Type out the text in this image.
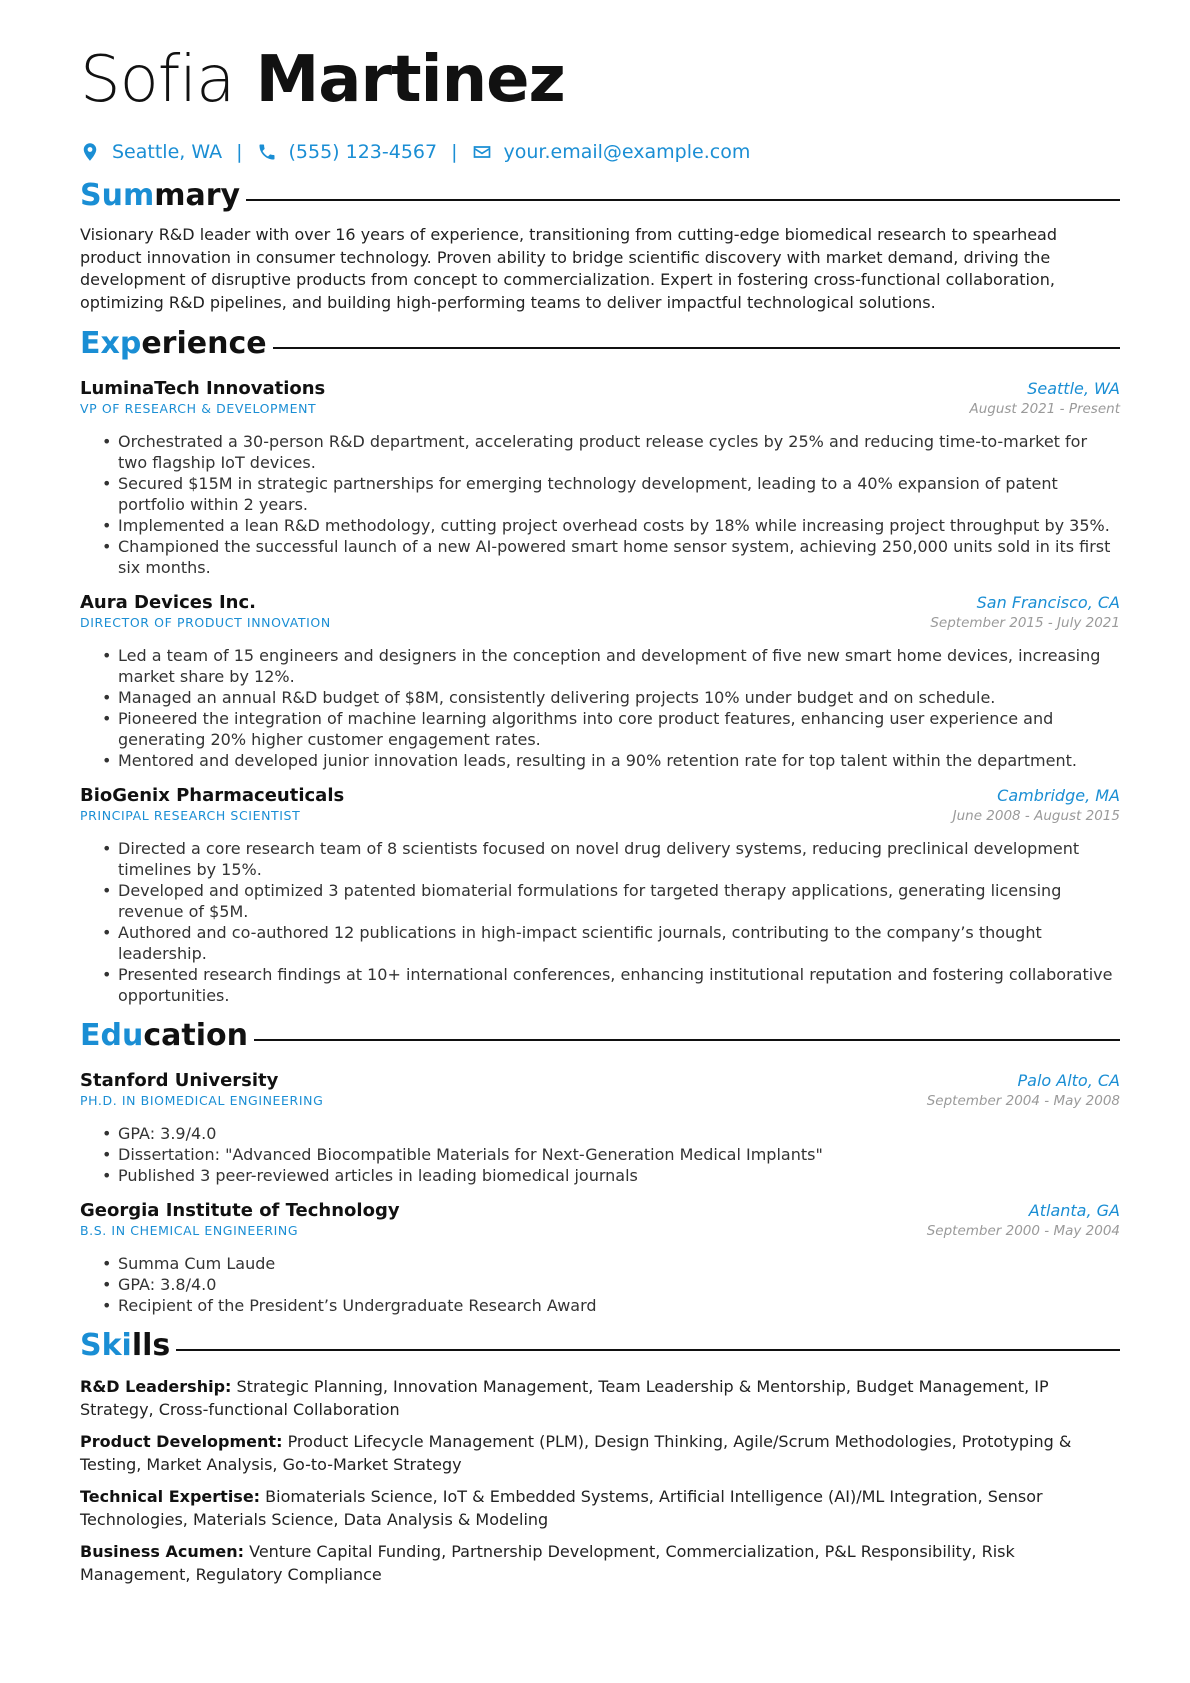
Sofia Martinez
Seattle, WA | (555) 123-4567 | your.email@example.com
Summary

Visionary R&D leader with over 16 years of experience, transitioning from cutting-edge biomedical research to spearhead product innovation in consumer technology. Proven ability to bridge scientific discovery with market demand, driving the development of disruptive products from concept to commercialization. Expert in fostering cross-functional collaboration, optimizing R&D pipelines, and building high-performing teams to deliver impactful technological solutions.

Experience
LuminaTech Innovations	Seattle, WA
VP OF RESEARCH & DEVELOPMENT	August 2021 - Present
• Orchestrated a 30-person R&D department, accelerating product release cycles by 25% and reducing time-to-market for two flagship IoT devices.
• Secured $15M in strategic partnerships for emerging technology development, leading to a 40% expansion of patent portfolio within 2 years.
• Implemented a lean R&D methodology, cutting project overhead costs by 18% while increasing project throughput by 35%.
• Championed the successful launch of a new AI-powered smart home sensor system, achieving 250,000 units sold in its first six months.
Aura Devices Inc.	San Francisco, CA
DIRECTOR OF PRODUCT INNOVATION	September 2015 - July 2021
• Led a team of 15 engineers and designers in the conception and development of five new smart home devices, increasing market share by 12%.
• Managed an annual R&D budget of $8M, consistently delivering projects 10% under budget and on schedule.
• Pioneered the integration of machine learning algorithms into core product features, enhancing user experience and generating 20% higher customer engagement rates.
• Mentored and developed junior innovation leads, resulting in a 90% retention rate for top talent within the department.
BioGenix Pharmaceuticals	Cambridge, MA
PRINCIPAL RESEARCH SCIENTIST	June 2008 - August 2015
• Directed a core research team of 8 scientists focused on novel drug delivery systems, reducing preclinical development timelines by 15%.
• Developed and optimized 3 patented biomaterial formulations for targeted therapy applications, generating licensing revenue of $5M.
• Authored and co-authored 12 publications in high-impact scientific journals, contributing to the company’s thought leadership.
• Presented research findings at 10+ international conferences, enhancing institutional reputation and fostering collaborative opportunities.
Education
Stanford University	Palo Alto, CA
PH.D. IN BIOMEDICAL ENGINEERING	September 2004 - May 2008
• GPA: 3.9/4.0
• Dissertation: "Advanced Biocompatible Materials for Next-Generation Medical Implants"
• Published 3 peer-reviewed articles in leading biomedical journals
Georgia Institute of Technology	Atlanta, GA
B.S. IN CHEMICAL ENGINEERING	September 2000 - May 2004
• Summa Cum Laude
• GPA: 3.8/4.0
• Recipient of the President’s Undergraduate Research Award
Skills
R&D Leadership: Strategic Planning, Innovation Management, Team Leadership & Mentorship, Budget Management, IP Strategy, Cross-functional Collaboration
Product Development: Product Lifecycle Management (PLM), Design Thinking, Agile/Scrum Methodologies, Prototyping & Testing, Market Analysis, Go-to-Market Strategy
Technical Expertise: Biomaterials Science, IoT & Embedded Systems, Artificial Intelligence (AI)/ML Integration, Sensor Technologies, Materials Science, Data Analysis & Modeling
Business Acumen: Venture Capital Funding, Partnership Development, Commercialization, P&L Responsibility, Risk Management, Regulatory Compliance
